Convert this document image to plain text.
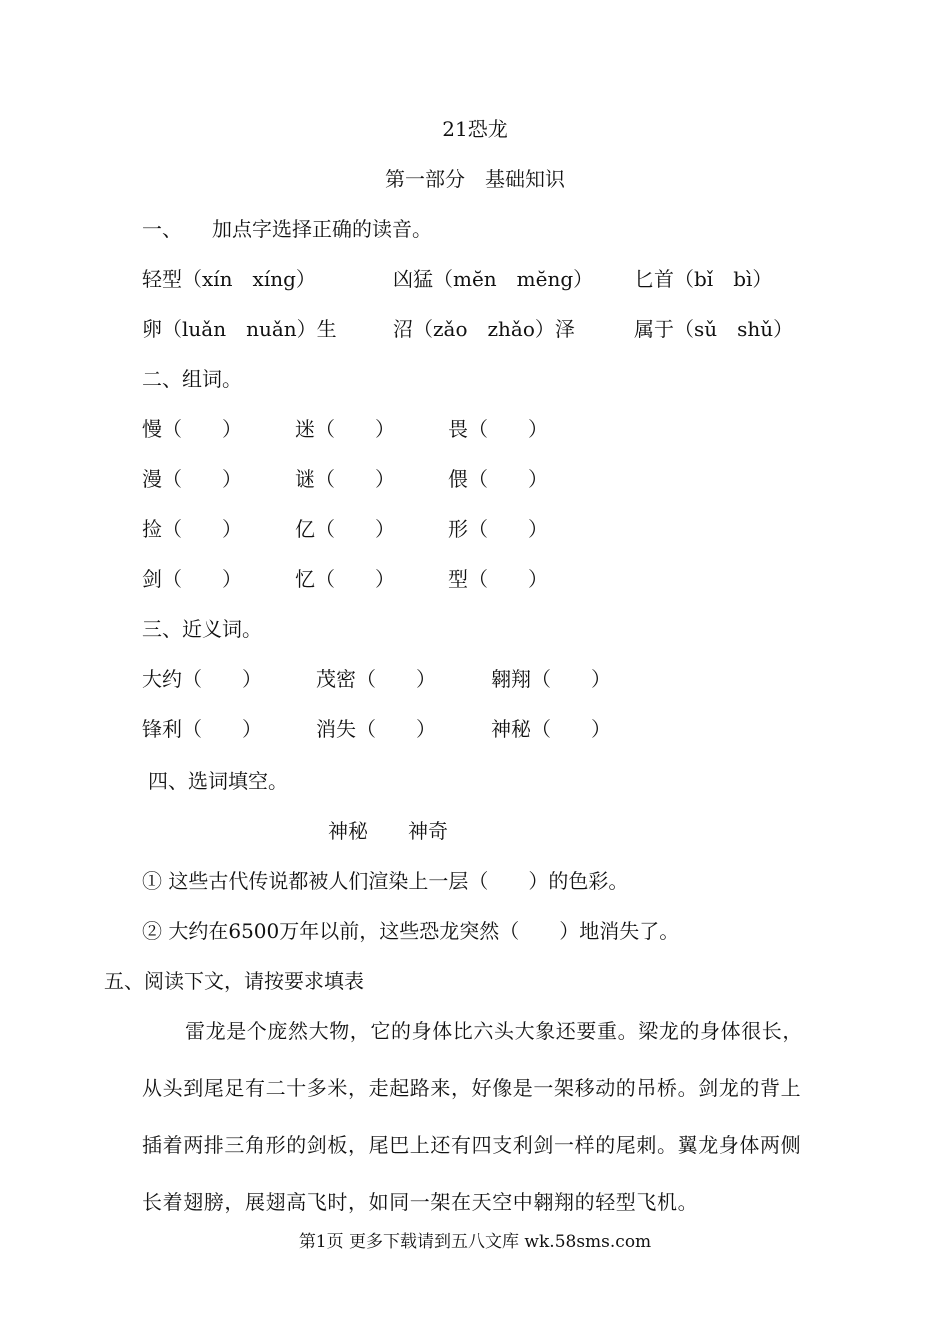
21恐龙
第一部分　基础知识
一、　　加点字选择正确的读音。
轻型（xín　xíng）	凶猛（mĕn　mĕng） 匕首（bǐ　bì）
卵（luǎn　nuǎn）生	沼（zǎo　zhǎo）泽	属于（sǔ　shǔ）
二、组词。
慢（　　）	迷（　　）	畏（　　）
漫（　　）	谜（　　）	偎（　　）
捡（　　）	亿（　　）	形（　　）
剑（　　）	忆（　　）	型（　　）
三、近义词。
大约（　　）	茂密（　　）	翱翔（　　）
锋利（　　）	消失（　　）	神秘（　　）
四、选词填空。
神秘　　神奇
① 这些古代传说都被人们渲染上一层（　　）的色彩。
② 大约在6500万年以前，这些恐龙突然（　　）地消失了。
五、阅读下文，请按要求填表
雷龙是个庞然大物，它的身体比六头大象还要重。梁龙的身体很长，
从头到尾足有二十多米，走起路来，好像是一架移动的吊桥。剑龙的背上
插着两排三角形的剑板，尾巴上还有四支利剑一样的尾刺。翼龙身体两侧
长着翅膀，展翅高飞时，如同一架在天空中翱翔的轻型飞机。
第1页 更多下载请到五八文库 wk.58sms.com
